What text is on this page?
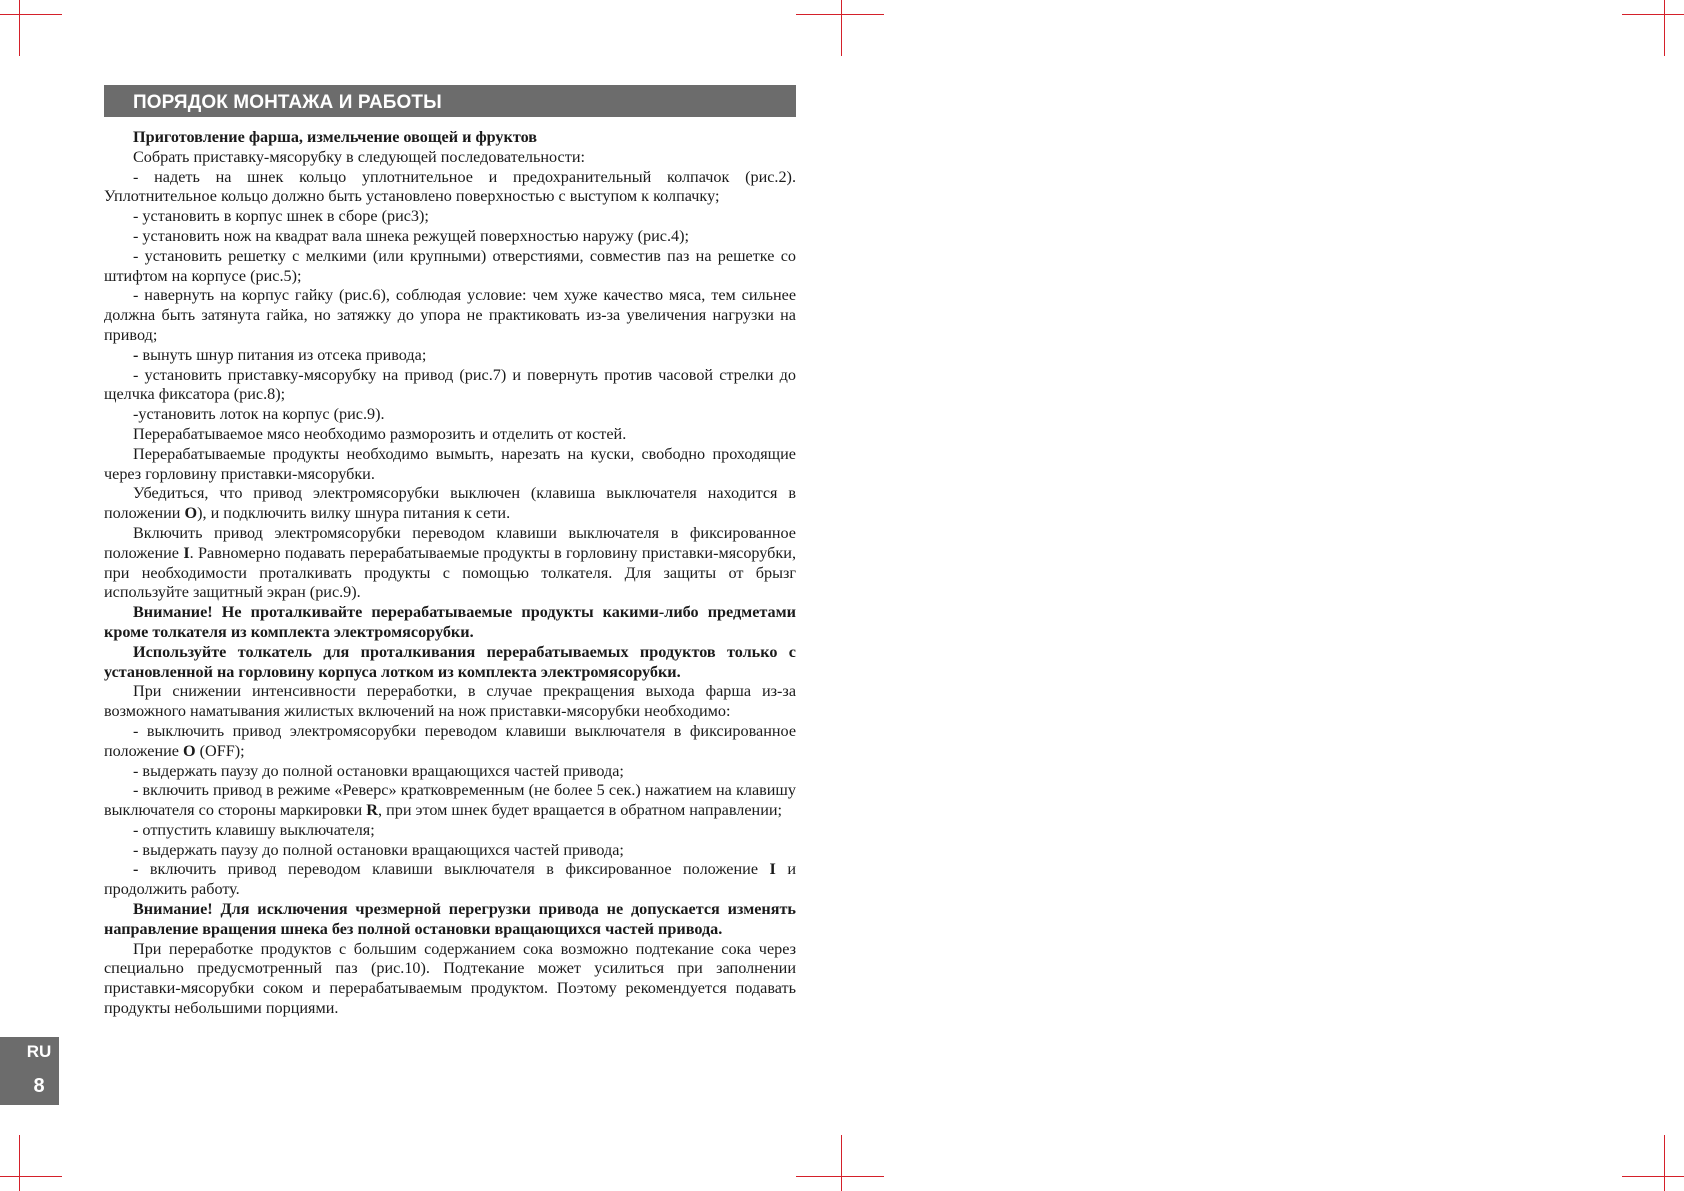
ПОРЯДОК МОНТАЖА И РАБОТЫ

Приготовление фарша, измельчение овощей и фруктов

Собрать приставку-мясорубку в следующей последовательности:

- надеть на шнек кольцо уплотнительное и предохранительный колпачок (рис.2). Уплотнительное кольцо должно быть установлено поверхностью с выступом к колпачку;

- установить в корпус шнек в сборе (рис3);

- установить нож на квадрат вала шнека режущей поверхностью наружу (рис.4);

- установить решетку с мелкими (или крупными) отверстиями, совместив паз на решетке со штифтом на корпусе (рис.5);

- навернуть на корпус гайку (рис.6), соблюдая условие: чем хуже качество мяса, тем сильнее должна быть затянута гайка, но затяжку до упора не практиковать из-за увеличения нагрузки на привод;

- вынуть шнур питания из отсека привода;

- установить приставку-мясорубку на привод (рис.7) и повернуть против часовой стрелки до щелчка фиксатора (рис.8);

-установить лоток на корпус (рис.9).

Перерабатываемое мясо необходимо разморозить и отделить от костей.

Перерабатываемые продукты необходимо вымыть, нарезать на куски, свободно проходящие через горловину приставки-мясорубки.

Убедиться, что привод электромясорубки выключен (клавиша выключателя находится в положении O), и подключить вилку шнура питания к сети.

Включить привод электромясорубки переводом клавиши выключателя в фиксированное положение I. Равномерно подавать перерабатываемые продукты в горловину приставки-мясорубки, при необходимости проталкивать продукты с помощью толкателя. Для защиты от брызг используйте защитный экран (рис.9).

Внимание! Не проталкивайте перерабатываемые продукты какими-либо предметами кроме толкателя из комплекта электромясорубки.

Используйте толкатель для проталкивания перерабатываемых продуктов только с установленной на горловину корпуса лотком из комплекта электромясорубки.

При снижении интенсивности переработки, в случае прекращения выхода фарша из-за возможного наматывания жилистых включений на нож приставки-мясорубки необходимо:

- выключить привод электромясорубки переводом клавиши выключателя в фиксированное положение O (OFF);

- выдержать паузу до полной остановки вращающихся частей привода;

- включить привод в режиме «Реверс» кратковременным (не более 5 сек.) нажатием на клавишу выключателя со стороны маркировки R, при этом шнек будет вращается в обратном направлении;

- отпустить клавишу выключателя;

- выдержать паузу до полной остановки вращающихся частей привода;

- включить привод переводом клавиши выключателя в фиксированное положение I и продолжить работу.

Внимание! Для исключения чрезмерной перегрузки привода не допускается изменять направление вращения шнека без полной остановки вращающихся частей привода.

При переработке продуктов с большим содержанием сока возможно подтекание сока через специально предусмотренный паз (рис.10). Подтекание может усилиться при заполнении приставки-мясорубки соком и перерабатываемым продуктом. Поэтому рекомендуется подавать продукты небольшими порциями.

RU
8
